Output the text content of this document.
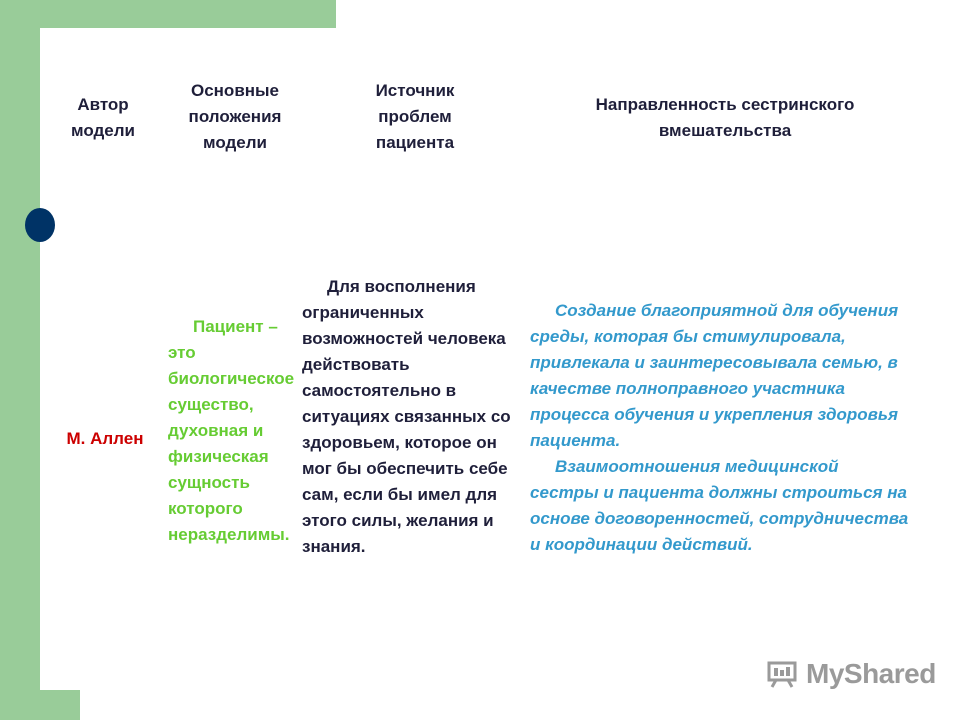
Автор модели
Основные положения модели
Источник проблем пациента
Направленность сестринского вмешательства
М. Аллен

Пациент – это биологическое существо, духовная и физическая сущность которого неразделимы.

Для восполнения ограниченных возможностей человека действовать самостоятельно в ситуациях связанных со здоровьем, которое он мог бы обеспечить себе сам, если бы имел для этого силы, желания и знания.

Создание благоприятной для обучения среды, которая бы стимулировала, привлекала и заинтересовывала семью, в качестве полноправного участника процесса обучения и укрепления здоровья пациента.

Взаимоотношения медицинской сестры и пациента должны строиться на основе договоренностей, сотрудничества и координации действий.

MyShared
